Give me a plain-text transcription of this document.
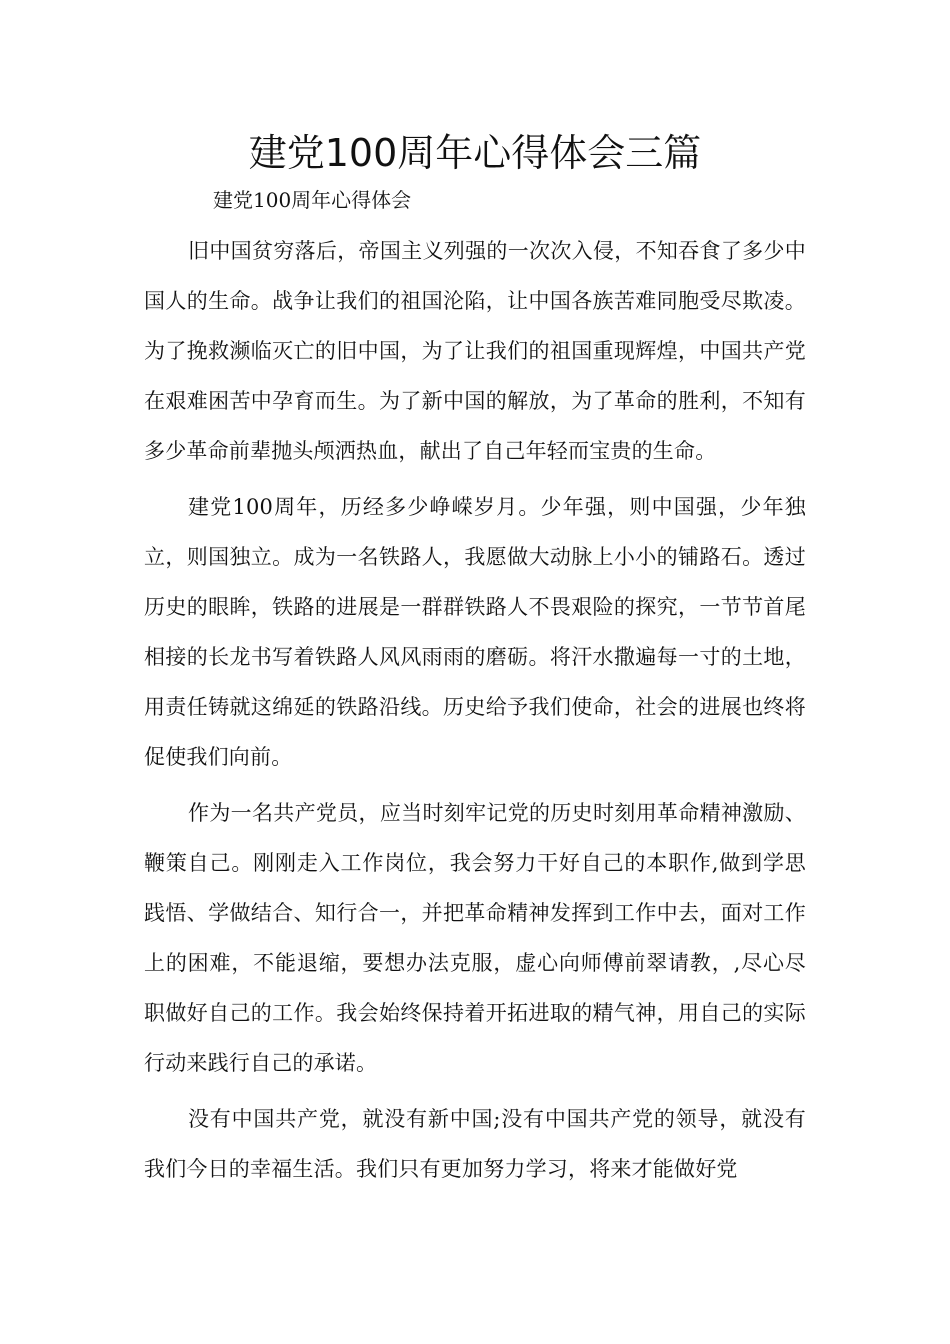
建党100周年心得体会三篇
建党100周年心得体会

旧中国贫穷落后，帝国主义列强的一次次入侵，不知吞食了多少中国人的生命。战争让我们的祖国沦陷，让中国各族苦难同胞受尽欺凌。为了挽救濒临灭亡的旧中国，为了让我们的祖国重现辉煌，中国共产党在艰难困苦中孕育而生。为了新中国的解放，为了革命的胜利，不知有多少革命前辈抛头颅洒热血，献出了自己年轻而宝贵的生命。

建党100周年，历经多少峥嵘岁月。少年强，则中国强，少年独立，则国独立。成为一名铁路人，我愿做大动脉上小小的铺路石。透过历史的眼眸，铁路的进展是一群群铁路人不畏艰险的探究，一节节首尾相接的长龙书写着铁路人风风雨雨的磨砺。将汗水撒遍每一寸的土地，用责任铸就这绵延的铁路沿线。历史给予我们使命，社会的进展也终将促使我们向前。

作为一名共产党员，应当时刻牢记党的历史时刻用革命精神激励、鞭策自己。刚刚走入工作岗位，我会努力干好自己的本职作,做到学思践悟、学做结合、知行合一，并把革命精神发挥到工作中去，面对工作上的困难，不能退缩，要想办法克服，虚心向师傅前翠请教，,尽心尽职做好自己的工作。我会始终保持着开拓进取的精气神，用自己的实际行动来践行自己的承诺。

没有中国共产党，就没有新中国;没有中国共产党的领导，就没有我们今日的幸福生活。我们只有更加努力学习，将来才能做好党
